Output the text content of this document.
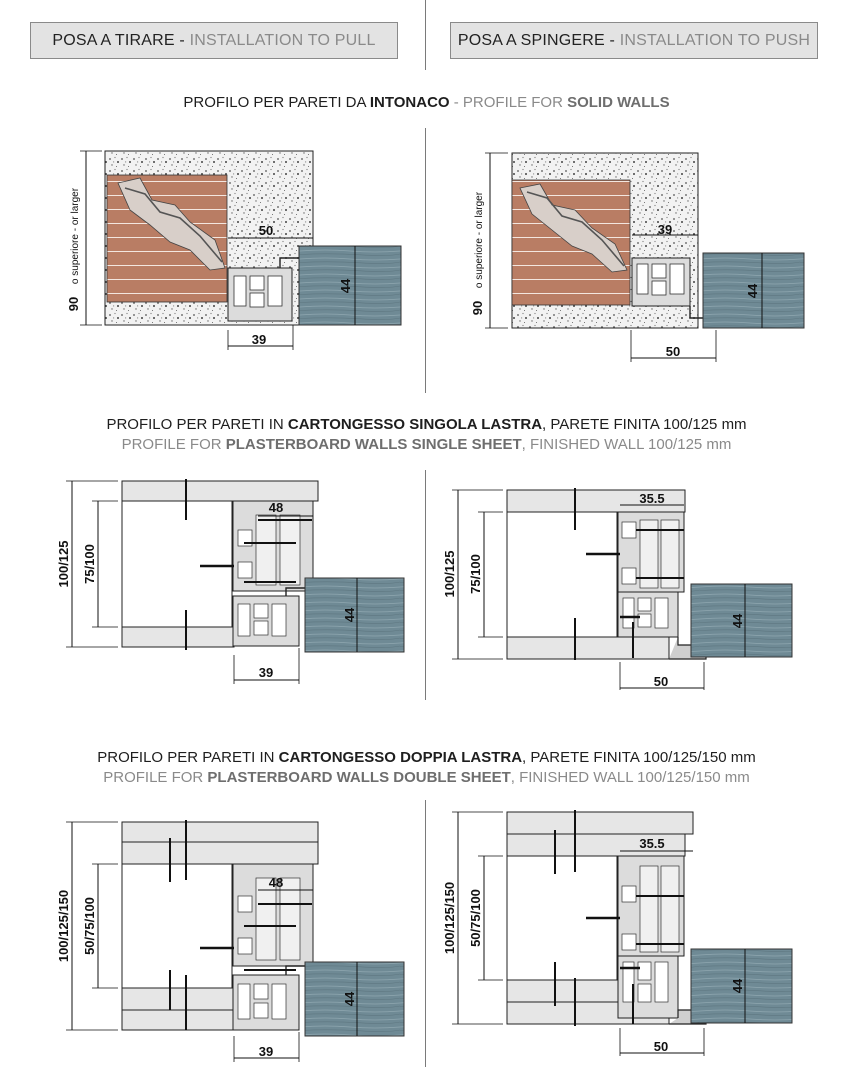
POSA A TIRARE - INSTALLATION TO PULL	POSA A SPINGERE - INSTALLATION TO PUSH
PROFILO PER PARETI DA INTONACO - PROFILE FOR SOLID WALLS
PROFILO PER PARETI IN CARTONGESSO SINGOLA LASTRA, PARETE FINITA 100/125 mm
PROFILE FOR PLASTERBOARD WALLS SINGLE SHEET, FINISHED WALL 100/125 mm
PROFILO PER PARETI IN CARTONGESSO DOPPIA LASTRA, PARETE FINITA 100/125/150 mm
PROFILE FOR PLASTERBOARD WALLS DOUBLE SHEET, FINISHED WALL 100/125/150 mm
50
39
44
90
o superiore - or larger	39
50
44
90
o superiore - or larger
48
39
44
100/125 75/100
35.5
50
44
100/125 75/100
48
39
44
100/125/150 50/75/100
35.5
50
44
100/125/150 50/75/100
